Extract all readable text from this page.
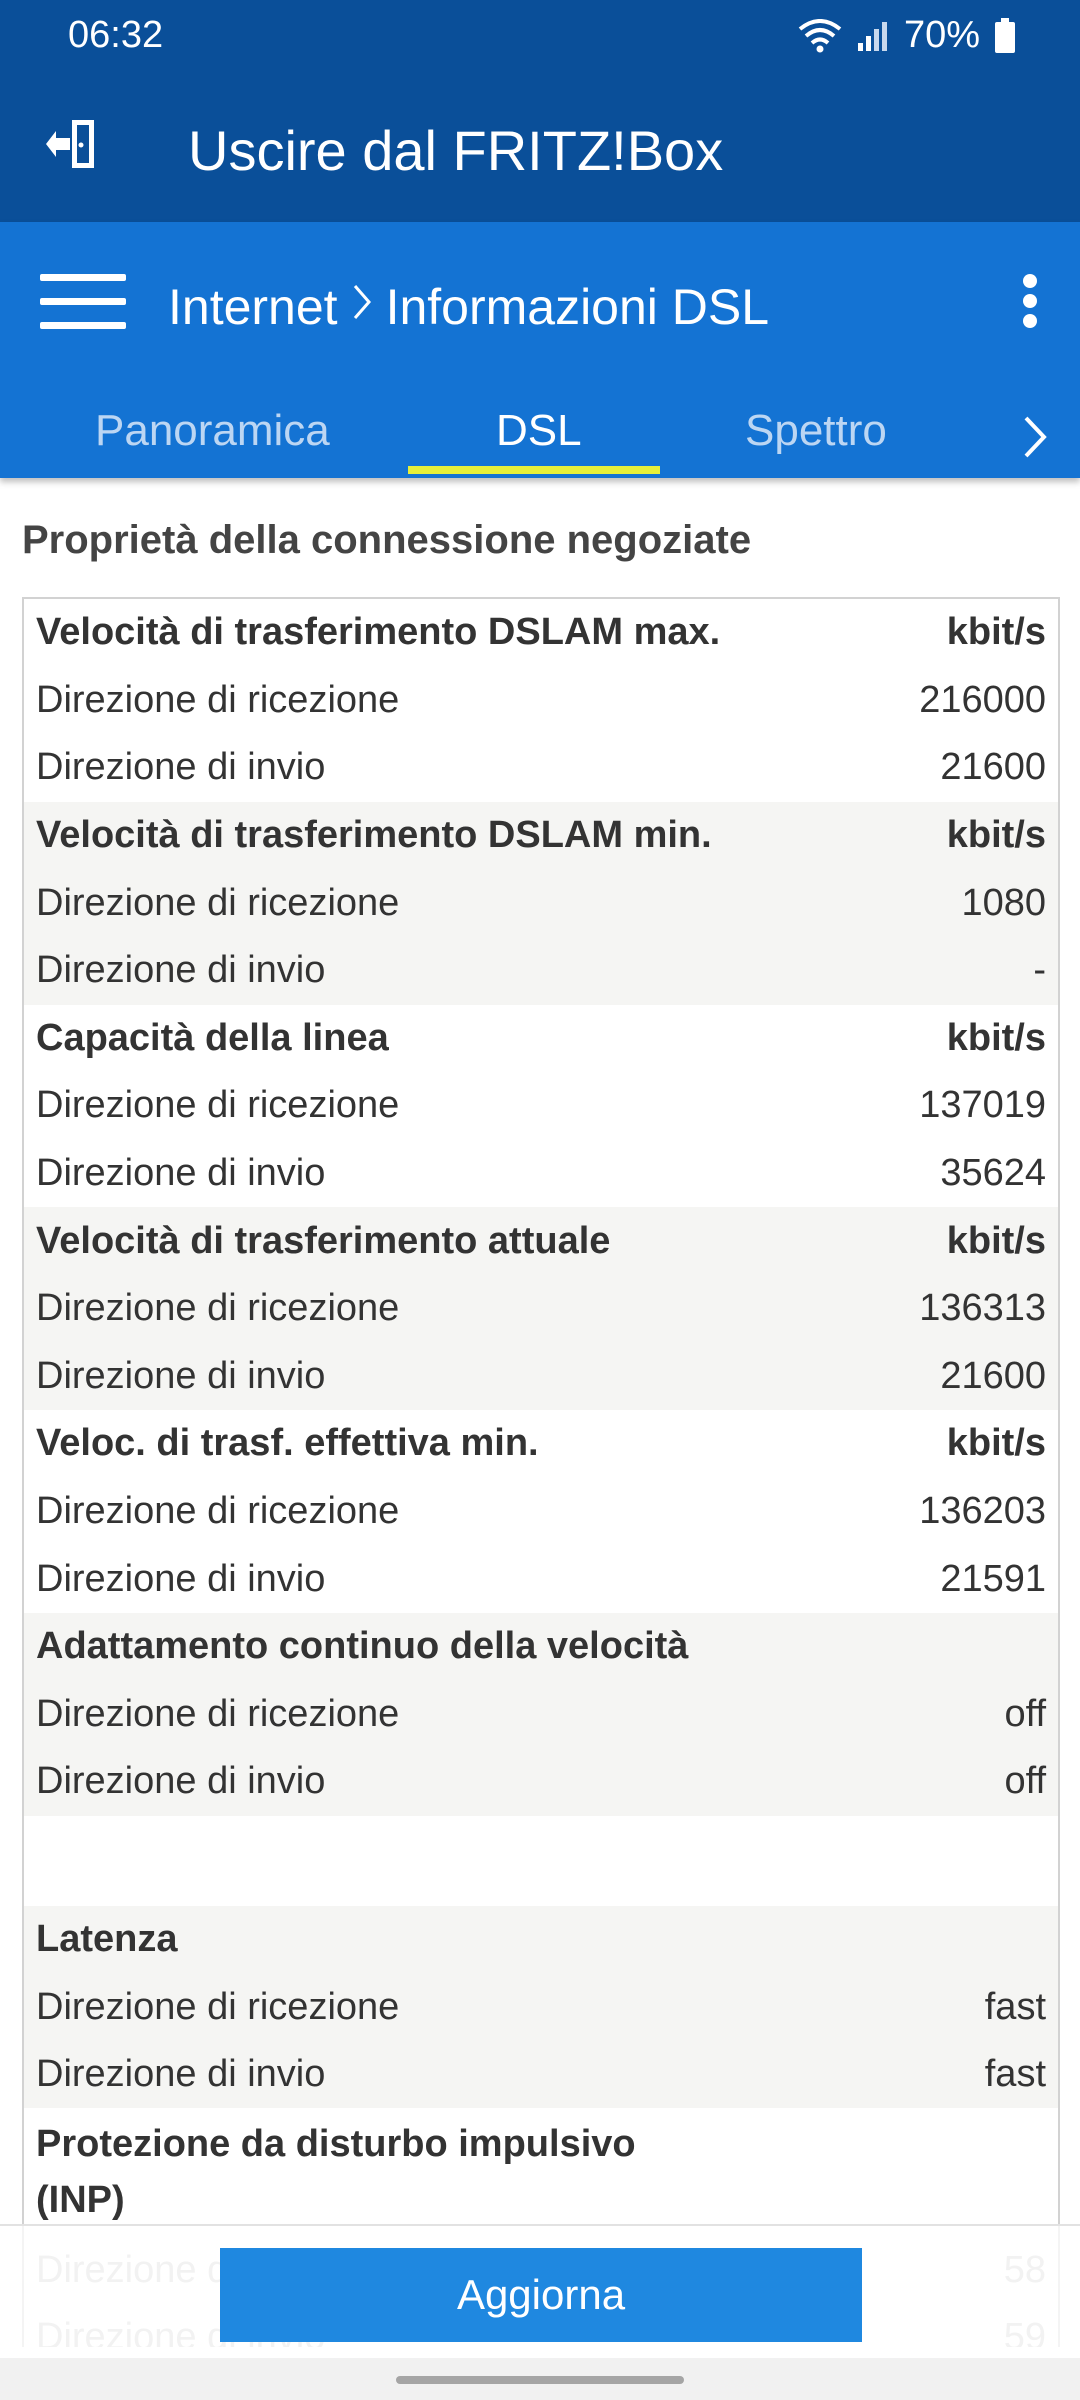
06:32	70%
Uscire dal FRITZ!Box
Internet Informazioni DSL
Panoramica	DSL	Spettro
Proprietà della connessione negoziate
Velocità di trasferimento DSLAM max.	kbit/s
Direzione di ricezione	216000
Direzione di invio	21600
Velocità di trasferimento DSLAM min.	kbit/s
Direzione di ricezione	1080
Direzione di invio	-
Capacità della linea	kbit/s
Direzione di ricezione	137019
Direzione di invio	35624
Velocità di trasferimento attuale	kbit/s
Direzione di ricezione	136313
Direzione di invio	21600
Veloc. di trasf. effettiva min.	kbit/s
Direzione di ricezione	136203
Direzione di invio	21591
Adattamento continuo della velocità
Direzione di ricezione	off
Direzione di invio	off
Latenza
Direzione di ricezione	fast
Direzione di invio	fast
Protezione da disturbo impulsivo (INP)
Aggiorna
